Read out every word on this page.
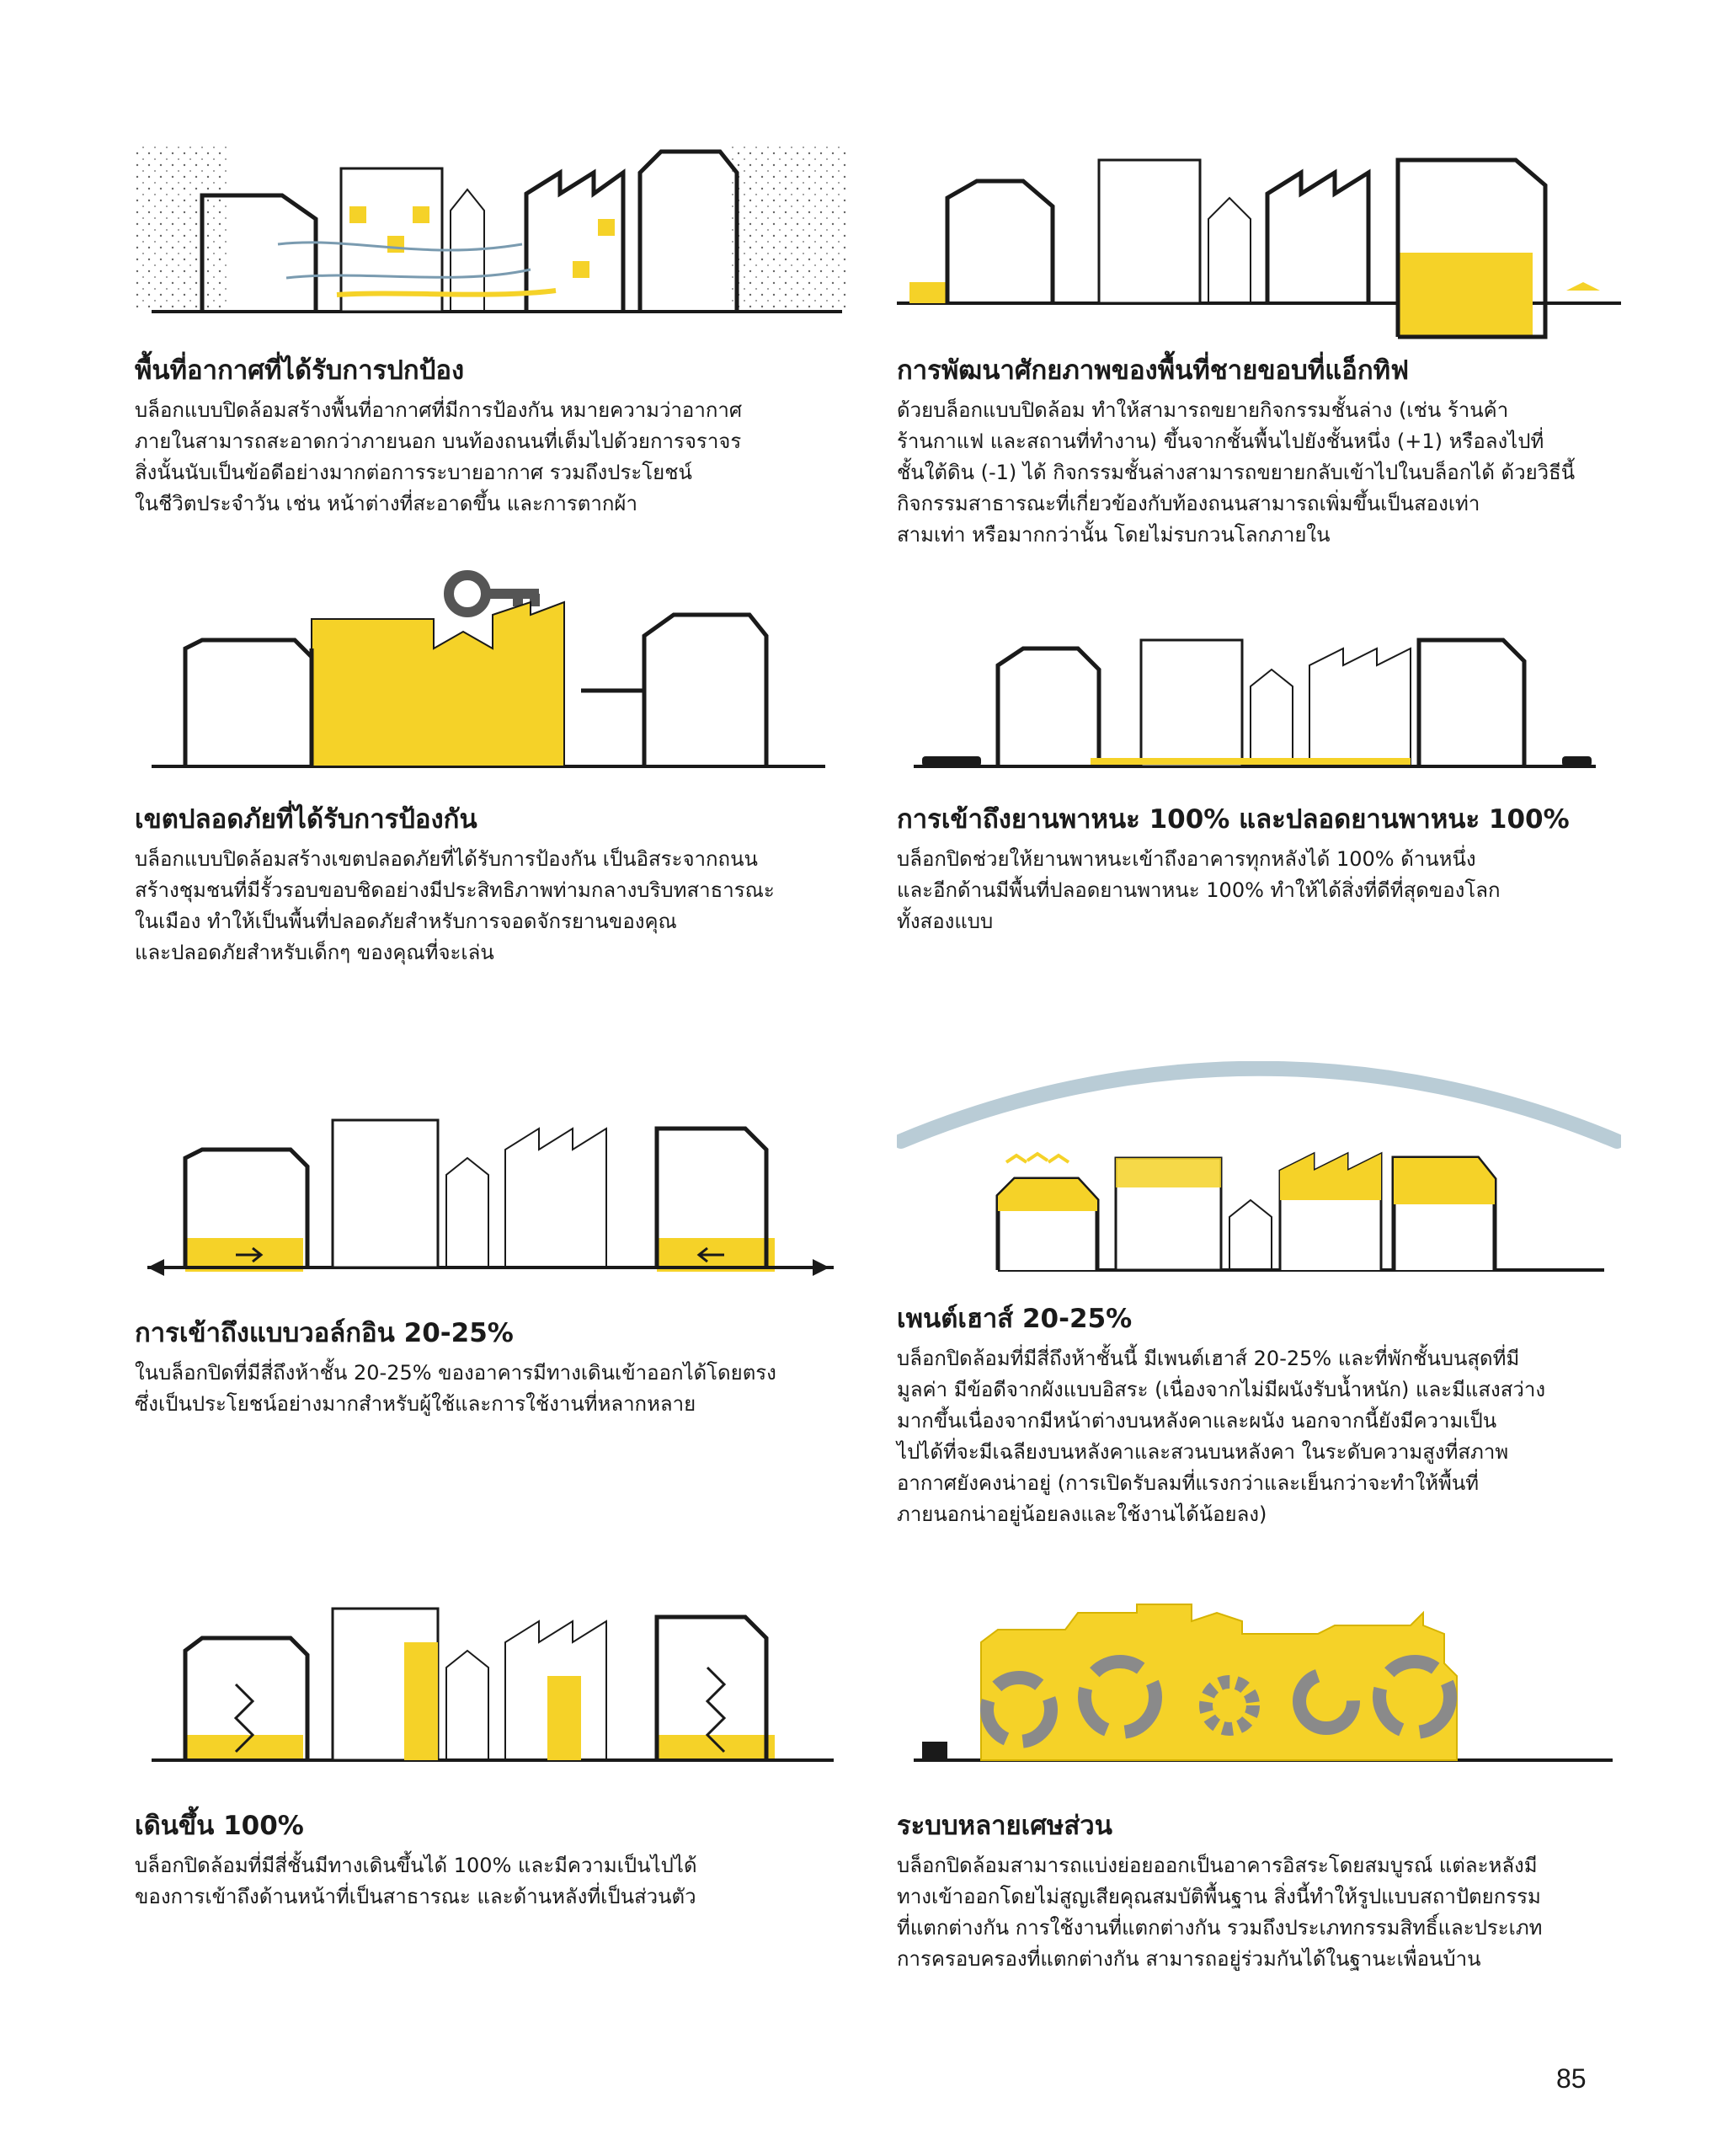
พื้นที่อากาศที่ได้รับการปกป้อง

บล็อกแบบปิดล้อมสร้างพื้นที่อากาศที่มีการป้องกัน หมายความว่าอากาศ
ภายในสามารถสะอาดกว่าภายนอก บนท้องถนนที่เต็มไปด้วยการจราจร
สิ่งนั้นนับเป็นข้อดีอย่างมากต่อการระบายอากาศ รวมถึงประโยชน์
ในชีวิตประจำวัน เช่น หน้าต่างที่สะอาดขึ้น และการตากผ้า

การพัฒนาศักยภาพของพื้นที่ชายขอบที่แอ็กทิฟ

ด้วยบล็อกแบบปิดล้อม ทำให้สามารถขยายกิจกรรมชั้นล่าง (เช่น ร้านค้า
ร้านกาแฟ และสถานที่ทำงาน) ขึ้นจากชั้นพื้นไปยังชั้นหนึ่ง (+1) หรือลงไปที่
ชั้นใต้ดิน (-1) ได้ กิจกรรมชั้นล่างสามารถขยายกลับเข้าไปในบล็อกได้ ด้วยวิธีนี้
กิจกรรมสาธารณะที่เกี่ยวข้องกับท้องถนนสามารถเพิ่มขึ้นเป็นสองเท่า
สามเท่า หรือมากกว่านั้น โดยไม่รบกวนโลกภายใน

เขตปลอดภัยที่ได้รับการป้องกัน

บล็อกแบบปิดล้อมสร้างเขตปลอดภัยที่ได้รับการป้องกัน เป็นอิสระจากถนน
สร้างชุมชนที่มีรั้วรอบขอบชิดอย่างมีประสิทธิภาพท่ามกลางบริบทสาธารณะ
ในเมือง ทำให้เป็นพื้นที่ปลอดภัยสำหรับการจอดจักรยานของคุณ
และปลอดภัยสำหรับเด็กๆ ของคุณที่จะเล่น

การเข้าถึงยานพาหนะ 100% และปลอดยานพาหนะ 100%

บล็อกปิดช่วยให้ยานพาหนะเข้าถึงอาคารทุกหลังได้ 100% ด้านหนึ่ง
และอีกด้านมีพื้นที่ปลอดยานพาหนะ 100% ทำให้ได้สิ่งที่ดีที่สุดของโลก
ทั้งสองแบบ

การเข้าถึงแบบวอล์กอิน 20-25%

ในบล็อกปิดที่มีสี่ถึงห้าชั้น 20-25% ของอาคารมีทางเดินเข้าออกได้โดยตรง
ซึ่งเป็นประโยชน์อย่างมากสำหรับผู้ใช้และการใช้งานที่หลากหลาย

เพนต์เฮาส์ 20-25%

บล็อกปิดล้อมที่มีสี่ถึงห้าชั้นนี้ มีเพนต์เฮาส์ 20-25% และที่พักชั้นบนสุดที่มี
มูลค่า มีข้อดีจากผังแบบอิสระ (เนื่องจากไม่มีผนังรับน้ำหนัก) และมีแสงสว่าง
มากขึ้นเนื่องจากมีหน้าต่างบนหลังคาและผนัง นอกจากนี้ยังมีความเป็น
ไปได้ที่จะมีเฉลียงบนหลังคาและสวนบนหลังคา ในระดับความสูงที่สภาพ
อากาศยังคงน่าอยู่ (การเปิดรับลมที่แรงกว่าและเย็นกว่าจะทำให้พื้นที่
ภายนอกน่าอยู่น้อยลงและใช้งานได้น้อยลง)

เดินขึ้น 100%

บล็อกปิดล้อมที่มีสี่ชั้นมีทางเดินขึ้นได้ 100% และมีความเป็นไปได้
ของการเข้าถึงด้านหน้าที่เป็นสาธารณะ และด้านหลังที่เป็นส่วนตัว

ระบบหลายเศษส่วน

บล็อกปิดล้อมสามารถแบ่งย่อยออกเป็นอาคารอิสระโดยสมบูรณ์ แต่ละหลังมี
ทางเข้าออกโดยไม่สูญเสียคุณสมบัติพื้นฐาน สิ่งนี้ทำให้รูปแบบสถาปัตยกรรม
ที่แตกต่างกัน การใช้งานที่แตกต่างกัน รวมถึงประเภทกรรมสิทธิ์และประเภท
การครอบครองที่แตกต่างกัน สามารถอยู่ร่วมกันได้ในฐานะเพื่อนบ้าน

85
